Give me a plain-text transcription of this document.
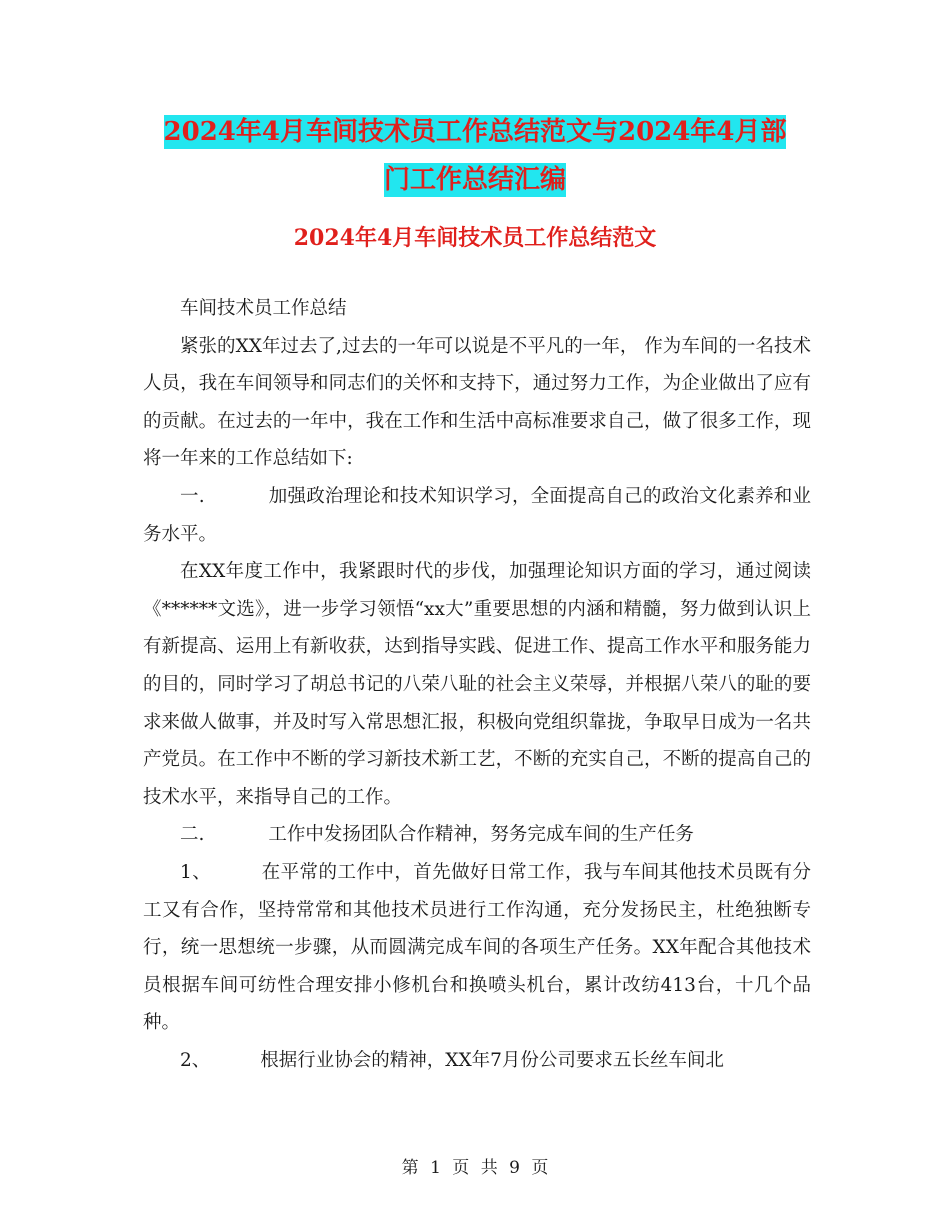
2024年4月车间技术员工作总结范文与2024年4月部
门工作总结汇编
2024年4月车间技术员工作总结范文

车间技术员工作总结

紧张的XX年过去了,过去的一年可以说是不平凡的一年， 作为车间的一名技术人员，我在车间领导和同志们的关怀和支持下，通过努力工作，为企业做出了应有的贡献。在过去的一年中，我在工作和生活中高标准要求自己，做了很多工作，现将一年来的工作总结如下:

一.	加强政治理论和技术知识学习，全面提高自己的政治文化素养和业务水平。

在XX年度工作中，我紧跟时代的步伐，加强理论知识方面的学习，通过阅读《******文选》，进一步学习领悟“xx大”重要思想的内涵和精髓，努力做到认识上有新提高、运用上有新收获，达到指导实践、促进工作、提高工作水平和服务能力的目的，同时学习了胡总书记的八荣八耻的社会主义荣辱，并根据八荣八的耻的要求来做人做事，并及时写入常思想汇报，积极向党组织靠拢，争取早日成为一名共产党员。在工作中不断的学习新技术新工艺，不断的充实自己，不断的提高自己的技术水平，来指导自己的工作。

二.	工作中发扬团队合作精神，努务完成车间的生产任务

1、	在平常的工作中，首先做好日常工作，我与车间其他技术员既有分工又有合作，坚持常常和其他技术员进行工作沟通，充分发扬民主，杜绝独断专行，统一思想统一步骤，从而圆满完成车间的各项生产任务。XX年配合其他技术员根据车间可纺性合理安排小修机台和换喷头机台，累计改纺413台，十几个品种。

2、	根据行业协会的精神，XX年7月份公司要求五长丝车间北

第 1 页 共 9 页
